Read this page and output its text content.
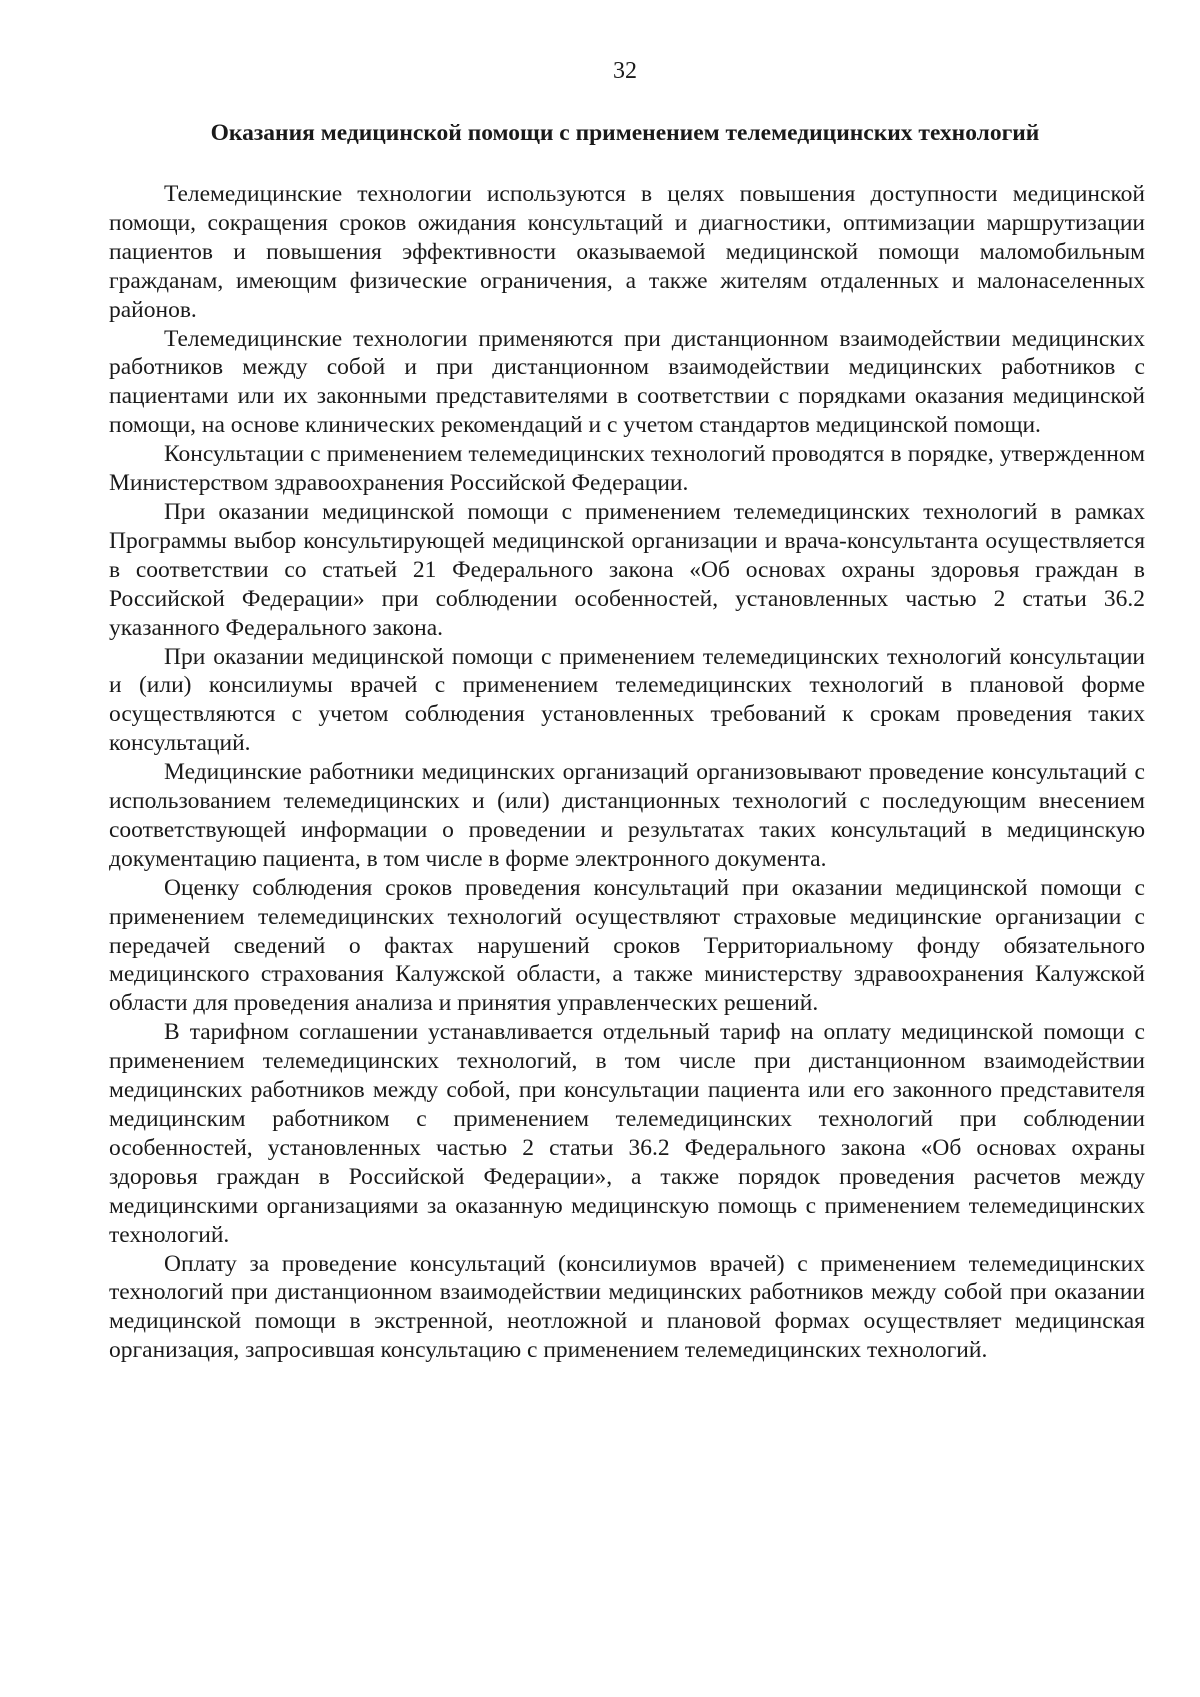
32
Оказания медицинской помощи с применением телемедицинских технологий

Телемедицинские технологии используются в целях повышения доступности медицинской помощи, сокращения сроков ожидания консультаций и диагностики, оптимизации маршрутизации пациентов и повышения эффективности оказываемой медицинской помощи маломобильным гражданам, имеющим физические ограничения, а также жителям отдаленных и малонаселенных районов.

Телемедицинские технологии применяются при дистанционном взаимодействии медицинских работников между собой и при дистанционном взаимодействии медицинских работников с пациентами или их законными представителями в соответствии с порядками оказания медицинской помощи, на основе клинических рекомендаций и с учетом стандартов медицинской помощи.

Консультации с применением телемедицинских технологий проводятся в порядке, утвержденном Министерством здравоохранения Российской Федерации.

При оказании медицинской помощи с применением телемедицинских технологий в рамках Программы выбор консультирующей медицинской организации и врача-консультанта осуществляется в соответствии со статьей 21 Федерального закона «Об основах охраны здоровья граждан в Российской Федерации» при соблюдении особенностей, установленных частью 2 статьи 36.2 указанного Федерального закона.

При оказании медицинской помощи с применением телемедицинских технологий консультации и (или) консилиумы врачей с применением телемедицинских технологий в плановой форме осуществляются с учетом соблюдения установленных требований к срокам проведения таких консультаций.

Медицинские работники медицинских организаций организовывают проведение консультаций с использованием телемедицинских и (или) дистанционных технологий с последующим внесением соответствующей информации о проведении и результатах таких консультаций в медицинскую документацию пациента, в том числе в форме электронного документа.

Оценку соблюдения сроков проведения консультаций при оказании медицинской помощи с применением телемедицинских технологий осуществляют страховые медицинские организации с передачей сведений о фактах нарушений сроков Территориальному фонду обязательного медицинского страхования Калужской области, а также министерству здравоохранения Калужской области для проведения анализа и принятия управленческих решений.

В тарифном соглашении устанавливается отдельный тариф на оплату медицинской помощи с применением телемедицинских технологий, в том числе при дистанционном взаимодействии медицинских работников между собой, при консультации пациента или его законного представителя медицинским работником с применением телемедицинских технологий при соблюдении особенностей, установленных частью 2 статьи 36.2 Федерального закона «Об основах охраны здоровья граждан в Российской Федерации», а также порядок проведения расчетов между медицинскими организациями за оказанную медицинскую помощь с применением телемедицинских технологий.

Оплату за проведение консультаций (консилиумов врачей) с применением телемедицинских технологий при дистанционном взаимодействии медицинских работников между собой при оказании медицинской помощи в экстренной, неотложной и плановой формах осуществляет медицинская организация, запросившая консультацию с применением телемедицинских технологий.
